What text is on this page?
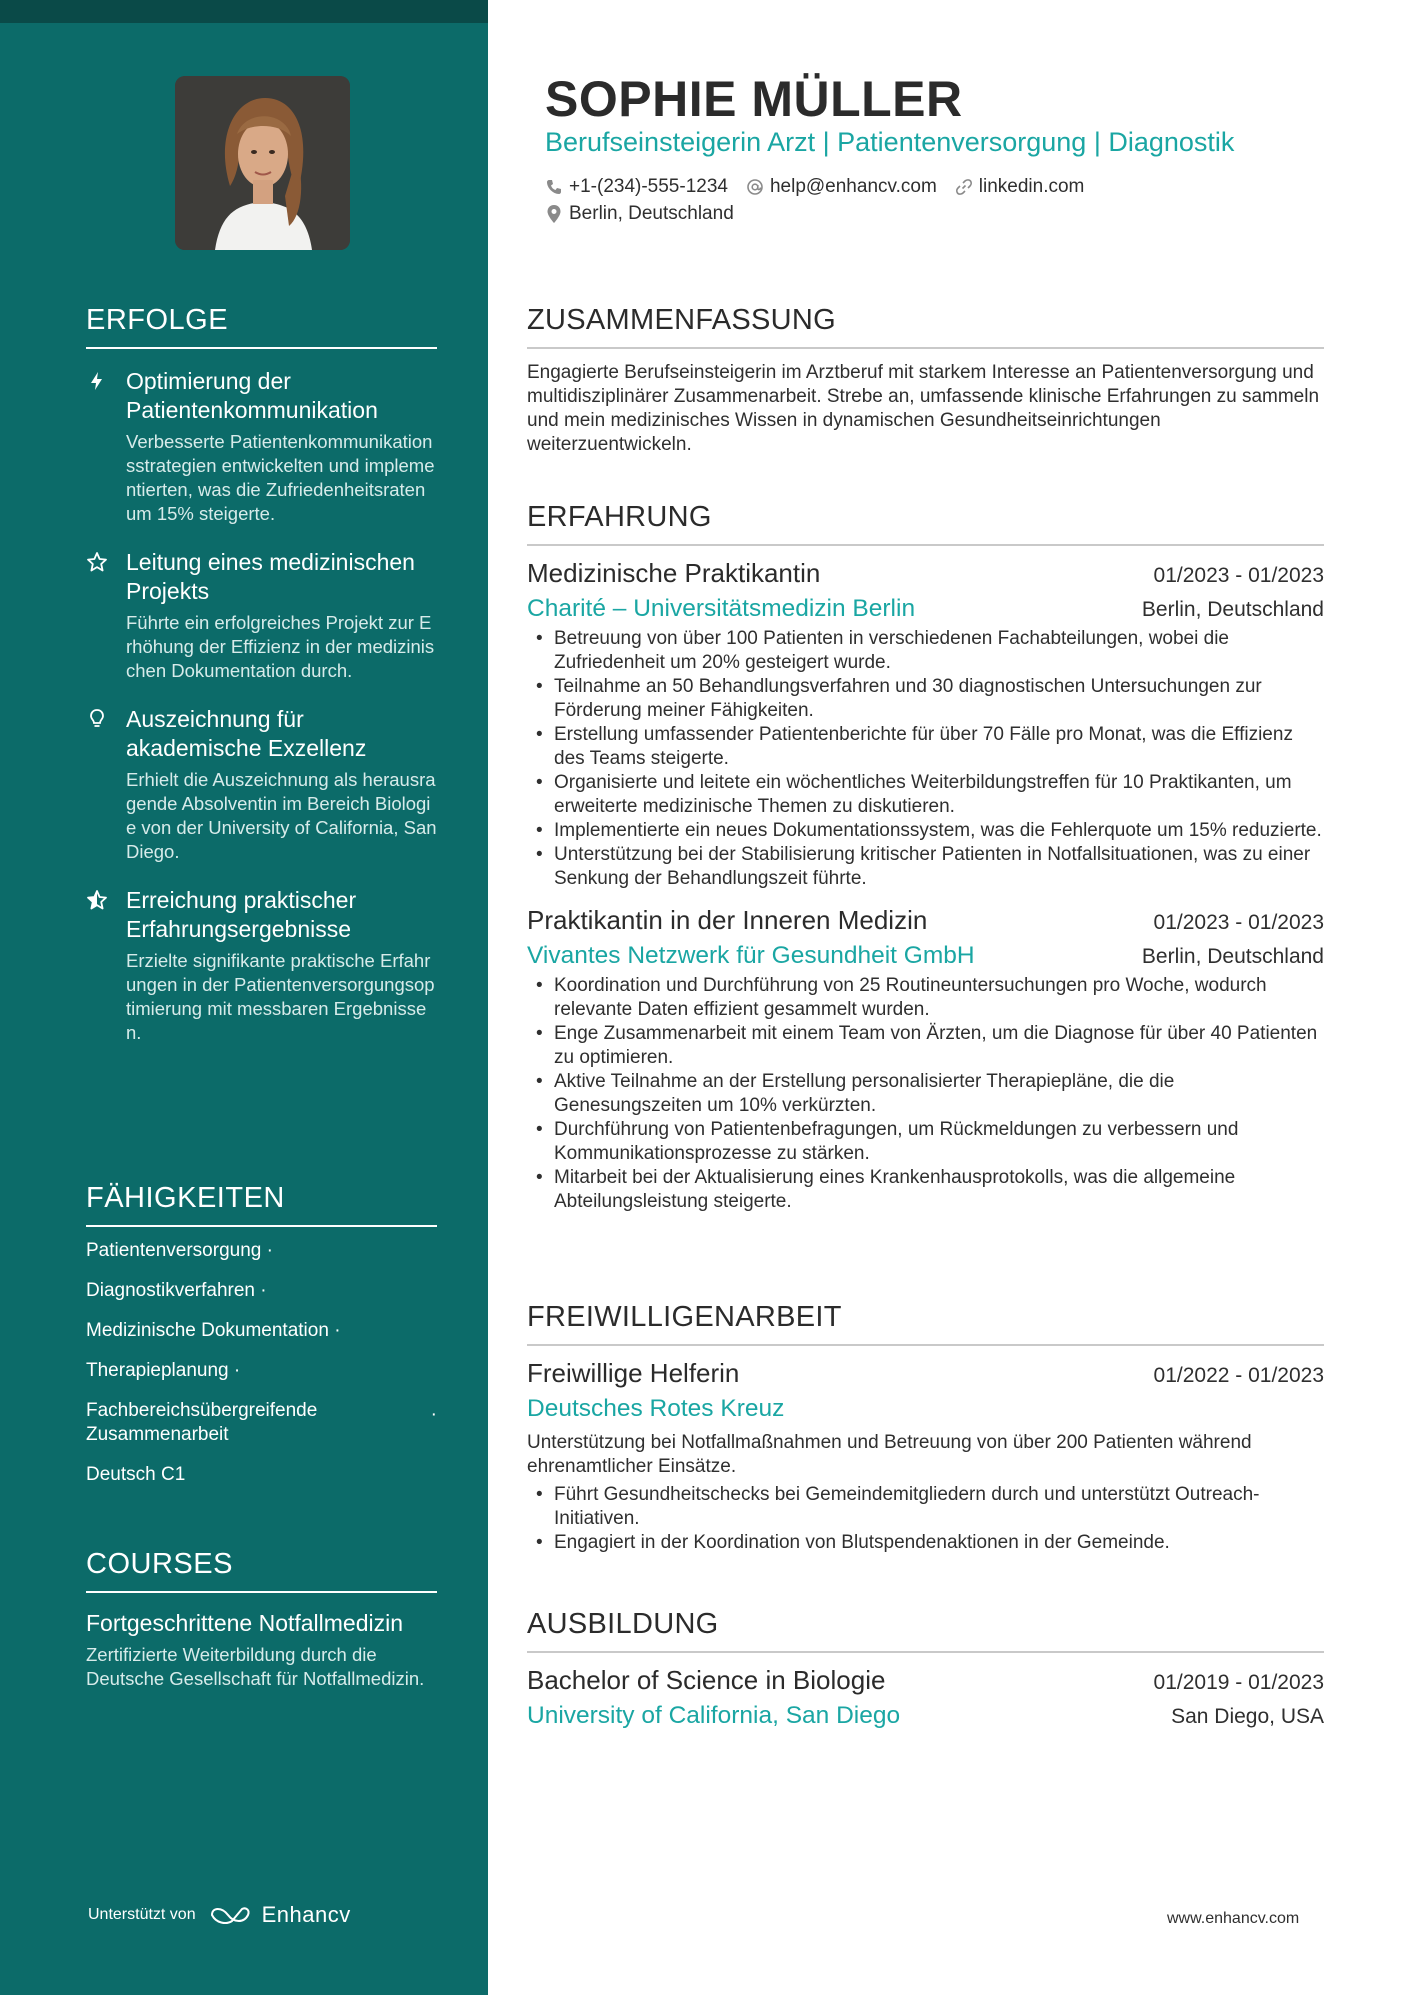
ERFOLGE
Optimierung der Patientenkommunikation
Verbesserte Patientenkommunikationsstrategien entwickelten und implementierten, was die Zufriedenheitsraten um 15% steigerte.
Leitung eines medizinischen Projekts
Führte ein erfolgreiches Projekt zur Erhöhung der Effizienz in der medizinischen Dokumentation durch.
Auszeichnung für akademische Exzellenz
Erhielt die Auszeichnung als herausragende Absolventin im Bereich Biologie von der University of California, San Diego.
Erreichung praktischer Erfahrungsergebnisse
Erzielte signifikante praktische Erfahrungen in der Patientenversorgungsoptimierung mit messbaren Ergebnissen.
FÄHIGKEITEN
Patientenversorgung ·
Diagnostikverfahren ·
Medizinische Dokumentation ·
Therapieplanung ·
Fachbereichsübergreifende Zusammenarbeit
·
Deutsch C1
COURSES
Fortgeschrittene Notfallmedizin
Zertifizierte Weiterbildung durch die Deutsche Gesellschaft für Notfallmedizin.
Unterstützt von	Enhancv
SOPHIE MÜLLER
Berufseinsteigerin Arzt | Patientenversorgung | Diagnostik
+1-(234)-555-1234 help@enhancv.com linkedin.com
Berlin, Deutschland
ZUSAMMENFASSUNG
Engagierte Berufseinsteigerin im Arztberuf mit starkem Interesse an Patientenversorgung und multidisziplinärer Zusammenarbeit. Strebe an, umfassende klinische Erfahrungen zu sammeln und mein medizinisches Wissen in dynamischen Gesundheitseinrichtungen weiterzuentwickeln.
ERFAHRUNG
Medizinische Praktikantin	01/2023 - 01/2023
Charité – Universitätsmedizin Berlin	Berlin, Deutschland
• Betreuung von über 100 Patienten in verschiedenen Fachabteilungen, wobei die Zufriedenheit um 20% gesteigert wurde.
• Teilnahme an 50 Behandlungsverfahren und 30 diagnostischen Untersuchungen zur Förderung meiner Fähigkeiten.
• Erstellung umfassender Patientenberichte für über 70 Fälle pro Monat, was die Effizienz des Teams steigerte.
• Organisierte und leitete ein wöchentliches Weiterbildungstreffen für 10 Praktikanten, um erweiterte medizinische Themen zu diskutieren.
• Implementierte ein neues Dokumentationssystem, was die Fehlerquote um 15% reduzierte.
• Unterstützung bei der Stabilisierung kritischer Patienten in Notfallsituationen, was zu einer Senkung der Behandlungszeit führte.
Praktikantin in der Inneren Medizin	01/2023 - 01/2023
Vivantes Netzwerk für Gesundheit GmbH	Berlin, Deutschland
• Koordination und Durchführung von 25 Routineuntersuchungen pro Woche, wodurch relevante Daten effizient gesammelt wurden.
• Enge Zusammenarbeit mit einem Team von Ärzten, um die Diagnose für über 40 Patienten zu optimieren.
• Aktive Teilnahme an der Erstellung personalisierter Therapiepläne, die die Genesungszeiten um 10% verkürzten.
• Durchführung von Patientenbefragungen, um Rückmeldungen zu verbessern und Kommunikationsprozesse zu stärken.
• Mitarbeit bei der Aktualisierung eines Krankenhausprotokolls, was die allgemeine Abteilungsleistung steigerte.
FREIWILLIGENARBEIT
Freiwillige Helferin	01/2022 - 01/2023
Deutsches Rotes Kreuz
Unterstützung bei Notfallmaßnahmen und Betreuung von über 200 Patienten während ehrenamtlicher Einsätze.
• Führt Gesundheitschecks bei Gemeindemitgliedern durch und unterstützt Outreach-Initiativen.
• Engagiert in der Koordination von Blutspendenaktionen in der Gemeinde.
AUSBILDUNG
Bachelor of Science in Biologie	01/2019 - 01/2023
University of California, San Diego	San Diego, USA
www.enhancv.com
